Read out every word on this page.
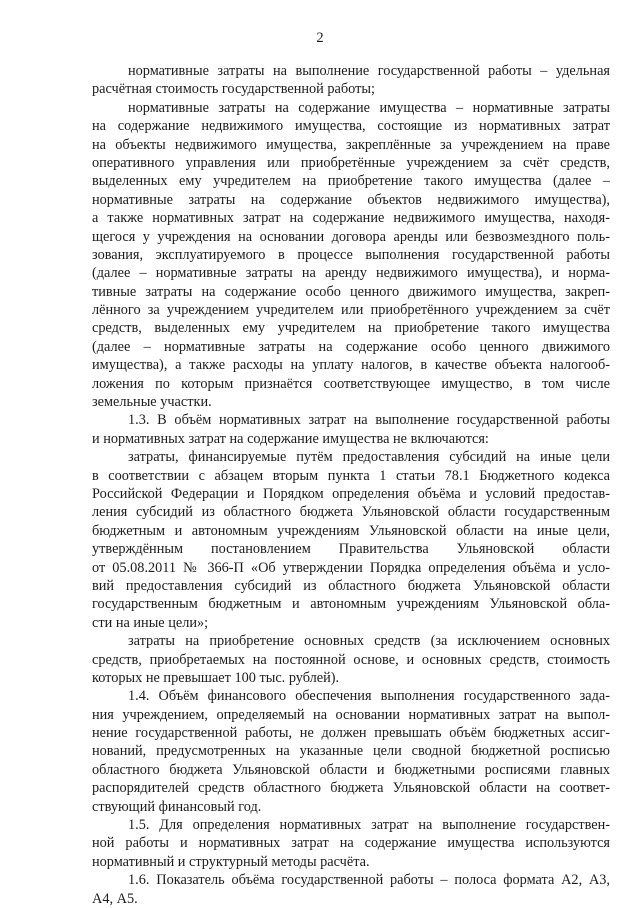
2
нормативные затраты на выполнение государственной работы – удельная
расчётная стоимость государственной работы;
нормативные затраты на содержание имущества – нормативные затраты
на содержание недвижимого имущества, состоящие из нормативных затрат
на объекты недвижимого имущества, закреплённые за учреждением на праве
оперативного управления или приобретённые учреждением за счёт средств,
выделенных ему учредителем на приобретение такого имущества (далее –
нормативные затраты на содержание объектов недвижимого имущества),
а также нормативных затрат на содержание недвижимого имущества, находя-
щегося у учреждения на основании договора аренды или безвозмездного поль-
зования, эксплуатируемого в процессе выполнения государственной работы
(далее – нормативные затраты на аренду недвижимого имущества), и норма-
тивные затраты на содержание особо ценного движимого имущества, закреп-
лённого за учреждением учредителем или приобретённого учреждением за счёт
средств, выделенных ему учредителем на приобретение такого имущества
(далее – нормативные затраты на содержание особо ценного движимого
имущества), а также расходы на уплату налогов, в качестве объекта налогооб-
ложения по которым признаётся соответствующее имущество, в том числе
земельные участки.
1.3. В объём нормативных затрат на выполнение государственной работы
и нормативных затрат на содержание имущества не включаются:
затраты, финансируемые путём предоставления субсидий на иные цели
в соответствии с абзацем вторым пункта 1 статьи 78.1 Бюджетного кодекса
Российской Федерации и Порядком определения объёма и условий предостав-
ления субсидий из областного бюджета Ульяновской области государственным
бюджетным и автономным учреждениям Ульяновской области на иные цели,
утверждённым постановлением Правительства Ульяновской области
от 05.08.2011 № 366-П «Об утверждении Порядка определения объёма и усло-
вий предоставления субсидий из областного бюджета Ульяновской области
государственным бюджетным и автономным учреждениям Ульяновской обла-
сти на иные цели»;
затраты на приобретение основных средств (за исключением основных
средств, приобретаемых на постоянной основе, и основных средств, стоимость
которых не превышает 100 тыс. рублей).
1.4. Объём финансового обеспечения выполнения государственного зада-
ния учреждением, определяемый на основании нормативных затрат на выпол-
нение государственной работы, не должен превышать объём бюджетных ассиг-
нований, предусмотренных на указанные цели сводной бюджетной росписью
областного бюджета Ульяновской области и бюджетными росписями главных
распорядителей средств областного бюджета Ульяновской области на соответ-
ствующий финансовый год.
1.5. Для определения нормативных затрат на выполнение государствен-
ной работы и нормативных затрат на содержание имущества используются
нормативный и структурный методы расчёта.
1.6. Показатель объёма государственной работы – полоса формата А2, А3,
А4, А5.
